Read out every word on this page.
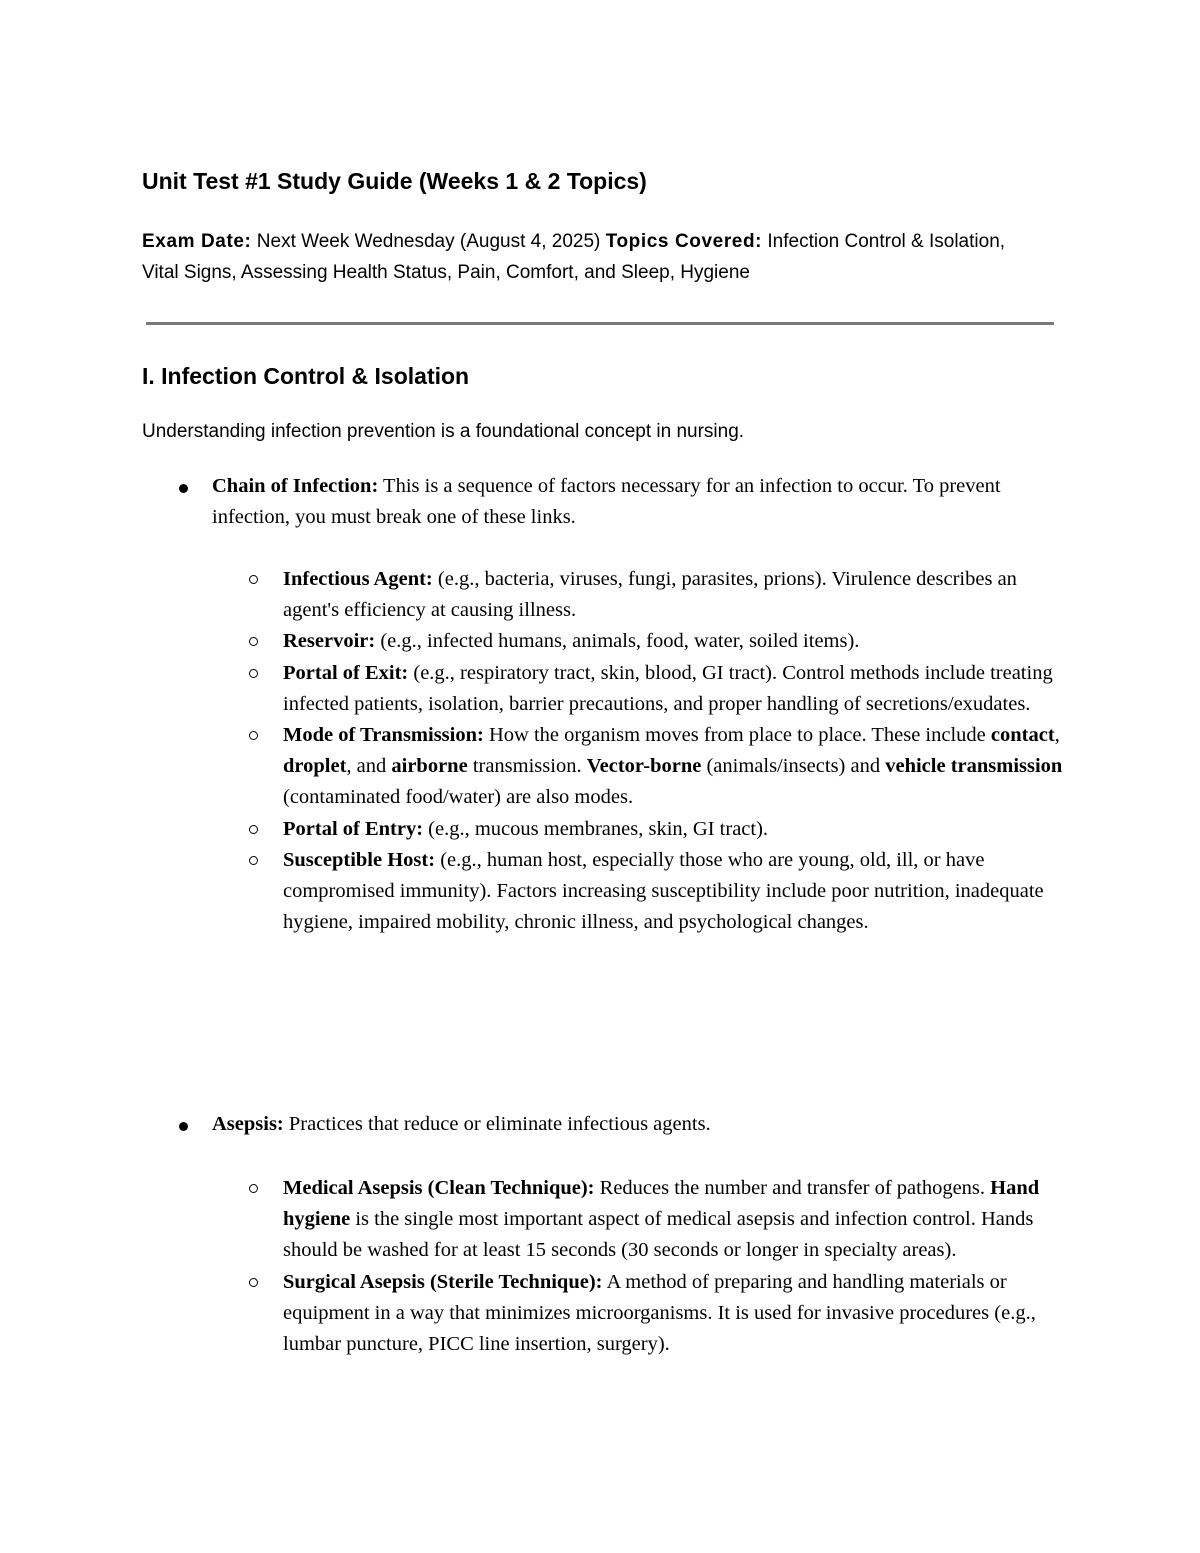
Unit Test #1 Study Guide (Weeks 1 & 2 Topics)

Exam Date: Next Week Wednesday (August 4, 2025) Topics Covered: Infection Control & Isolation, Vital Signs, Assessing Health Status, Pain, Comfort, and Sleep, Hygiene

I. Infection Control & Isolation

Understanding infection prevention is a foundational concept in nursing.

Chain of Infection: This is a sequence of factors necessary for an infection to occur. To prevent infection, you must break one of these links.

Infectious Agent: (e.g., bacteria, viruses, fungi, parasites, prions). Virulence describes an agent's efficiency at causing illness.
Reservoir: (e.g., infected humans, animals, food, water, soiled items).
Portal of Exit: (e.g., respiratory tract, skin, blood, GI tract). Control methods include treating infected patients, isolation, barrier precautions, and proper handling of secretions/exudates.
Mode of Transmission: How the organism moves from place to place. These include contact, droplet, and airborne transmission. Vector-borne (animals/insects) and vehicle transmission (contaminated food/water) are also modes.
Portal of Entry: (e.g., mucous membranes, skin, GI tract).
Susceptible Host: (e.g., human host, especially those who are young, old, ill, or have compromised immunity). Factors increasing susceptibility include poor nutrition, inadequate hygiene, impaired mobility, chronic illness, and psychological changes.

Asepsis: Practices that reduce or eliminate infectious agents.

Medical Asepsis (Clean Technique): Reduces the number and transfer of pathogens. Hand hygiene is the single most important aspect of medical asepsis and infection control. Hands should be washed for at least 15 seconds (30 seconds or longer in specialty areas).
Surgical Asepsis (Sterile Technique): A method of preparing and handling materials or equipment in a way that minimizes microorganisms. It is used for invasive procedures (e.g., lumbar puncture, PICC line insertion, surgery).
